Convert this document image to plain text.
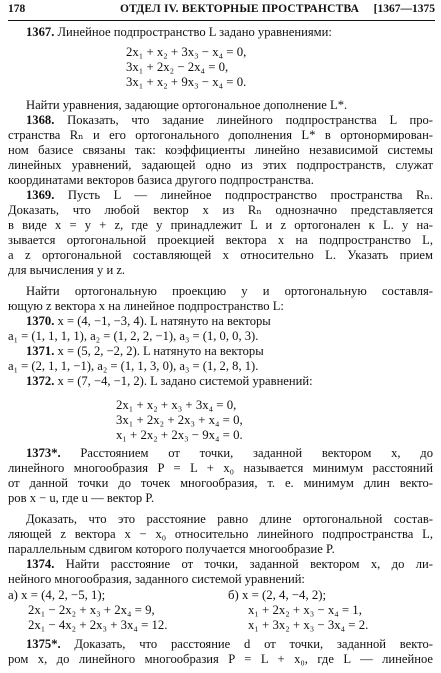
178	ОТДЕЛ IV. ВЕКТОРНЫЕ ПРОСТРАНСТВА [1367—1375
1367. Линейное подпространство L задано уравнениями:
Найти уравнения, задающие ортогональное дополнение L*.
1368. Показать, что задание линейного подпространства L про-
странства Rₙ и его ортогонального дополнения L* в ортонормирован-
ном базисе связаны так: коэффициенты линейно независимой системы
линейных уравнений, задающей одно из этих подпространств, служат
координатами векторов базиса другого подпространства.
1369. Пусть L — линейное подпространство пространства Rₙ.
Доказать, что любой вектор x из Rₙ однозначно представляется
в виде x = y + z, где y принадлежит L и z ортогонален к L. y на-
зывается ортогональной проекцией вектора x на подпространство L,
а z ортогональной составляющей x относительно L. Указать прием
для вычисления y и z.
Найти ортогональную проекцию y и ортогональную составля-
ющую z вектора x на линейное подпространство L:
1370. x = (4, −1, −3, 4). L натянуто на векторы
a₁ = (1, 1, 1, 1), a₂ = (1, 2, 2, −1), a₃ = (1, 0, 0, 3).
1371. x = (5, 2, −2, 2). L натянуто на векторы
a₁ = (2, 1, 1, −1), a₂ = (1, 1, 3, 0), a₃ = (1, 2, 8, 1).
1372. x = (7, −4, −1, 2). L задано системой уравнений:
1373*. Расстоянием от точки, заданной вектором x, до
линейного многообразия P = L + x₀ называется минимум расстояний
от данной точки до точек многообразия, т. е. минимум длин векто-
ров x − u, где u — вектор P.
Доказать, что это расстояние равно длине ортогональной состав-
ляющей z вектора x − x₀ относительно линейного подпространства L,
параллельным сдвигом которого получается многообразие P.
1374. Найти расстояние от точки, заданной вектором x, до ли-
нейного многообразия, заданного системой уравнений:
1375*. Доказать, что расстояние d от точки, заданной векто-
ром x, до линейного многообразия P = L + x₀, где L — линейное
2x₁ + x₂ + 3x₃ − x₄ = 0,
3x₁ + 2x₂ − 2x₄ = 0,
3x₁ + x₂ + 9x₃ − x₄ = 0.
2x₁ + x₂ + x₃ + 3x₄ = 0,
3x₁ + 2x₂ + 2x₃ + x₄ = 0,
x₁ + 2x₂ + 2x₃ − 9x₄ = 0.
а) x = (4, 2, −5, 1);
2x₁ − 2x₂ + x₃ + 2x₄ = 9,
2x₁ − 4x₂ + 2x₃ + 3x₄ = 12.
б) x = (2, 4, −4, 2);
x₁ + 2x₂ + x₃ − x₄ = 1,
x₁ + 3x₂ + x₃ − 3x₄ = 2.
